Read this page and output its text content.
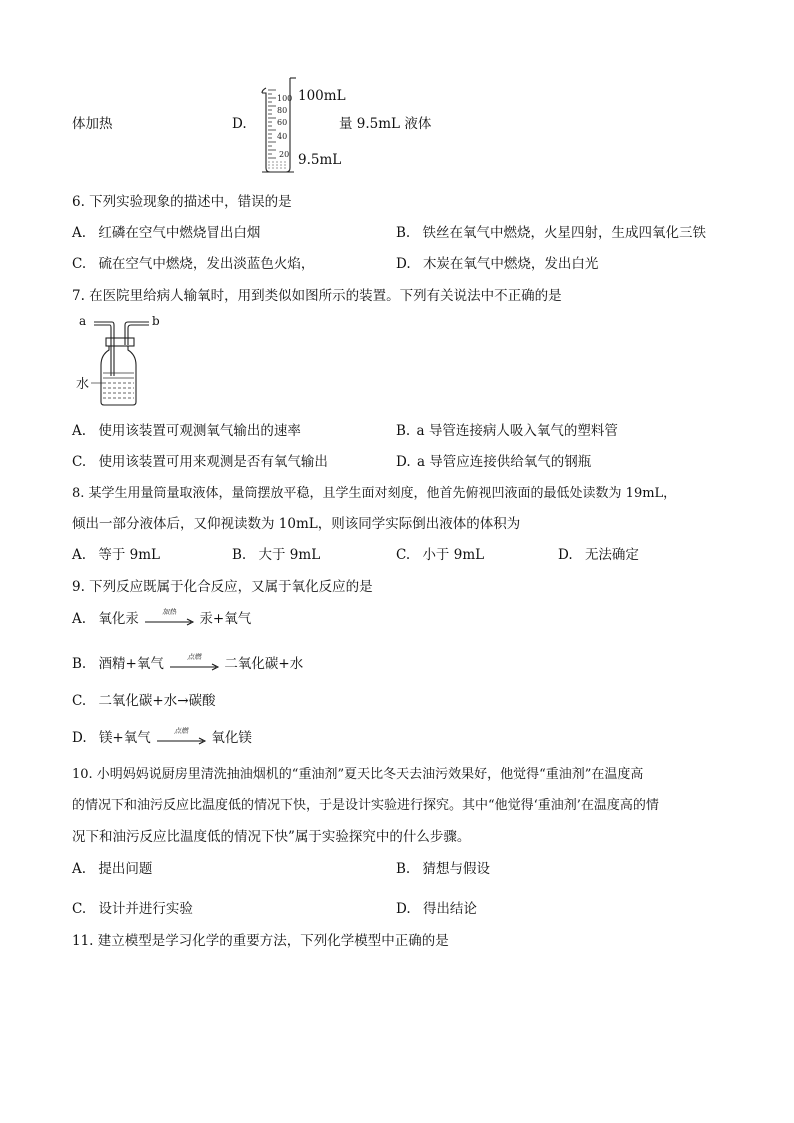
体加热	D.
100
80
60
40
20
a	b
水
100mL
9.5mL
量 9.5mL 液体
6. 下列实验现象的描述中，错误的是
A. 红磷在空气中燃烧冒出白烟	B. 铁丝在氧气中燃烧，火星四射，生成四氧化三铁
C. 硫在空气中燃烧，发出淡蓝色火焰，	D. 木炭在氧气中燃烧，发出白光
7. 在医院里给病人输氧时，用到类似如图所示的装置。下列有关说法中不正确的是
A. 使用该装置可观测氧气输出的速率	B. a 导管连接病人吸入氧气的塑料管
C. 使用该装置可用来观测是否有氧气输出	D. a 导管应连接供给氧气的钢瓶
8. 某学生用量筒量取液体，量筒摆放平稳，且学生面对刻度，他首先俯视凹液面的最低处读数为 19mL，
倾出一部分液体后，又仰视读数为 10mL，则该同学实际倒出液体的体积为
A. 等于 9mL	B. 大于 9mL	C. 小于 9mL	D. 无法确定
9. 下列反应既属于化合反应，又属于氧化反应的是
A. 氧化汞	加热	汞+氧气
B. 酒精+氧气	点燃	二氧化碳+水
C. 二氧化碳+水→碳酸
D. 镁+氧气	点燃	氧化镁
10. 小明妈妈说厨房里清洗抽油烟机的“重油剂”夏天比冬天去油污效果好，他觉得“重油剂”在温度高
的情况下和油污反应比温度低的情况下快，于是设计实验进行探究。其中“他觉得‘重油剂’在温度高的情
况下和油污反应比温度低的情况下快”属于实验探究中的什么步骤。
A. 提出问题	B. 猜想与假设
C. 设计并进行实验	D. 得出结论
11. 建立模型是学习化学的重要方法，下列化学模型中正确的是
